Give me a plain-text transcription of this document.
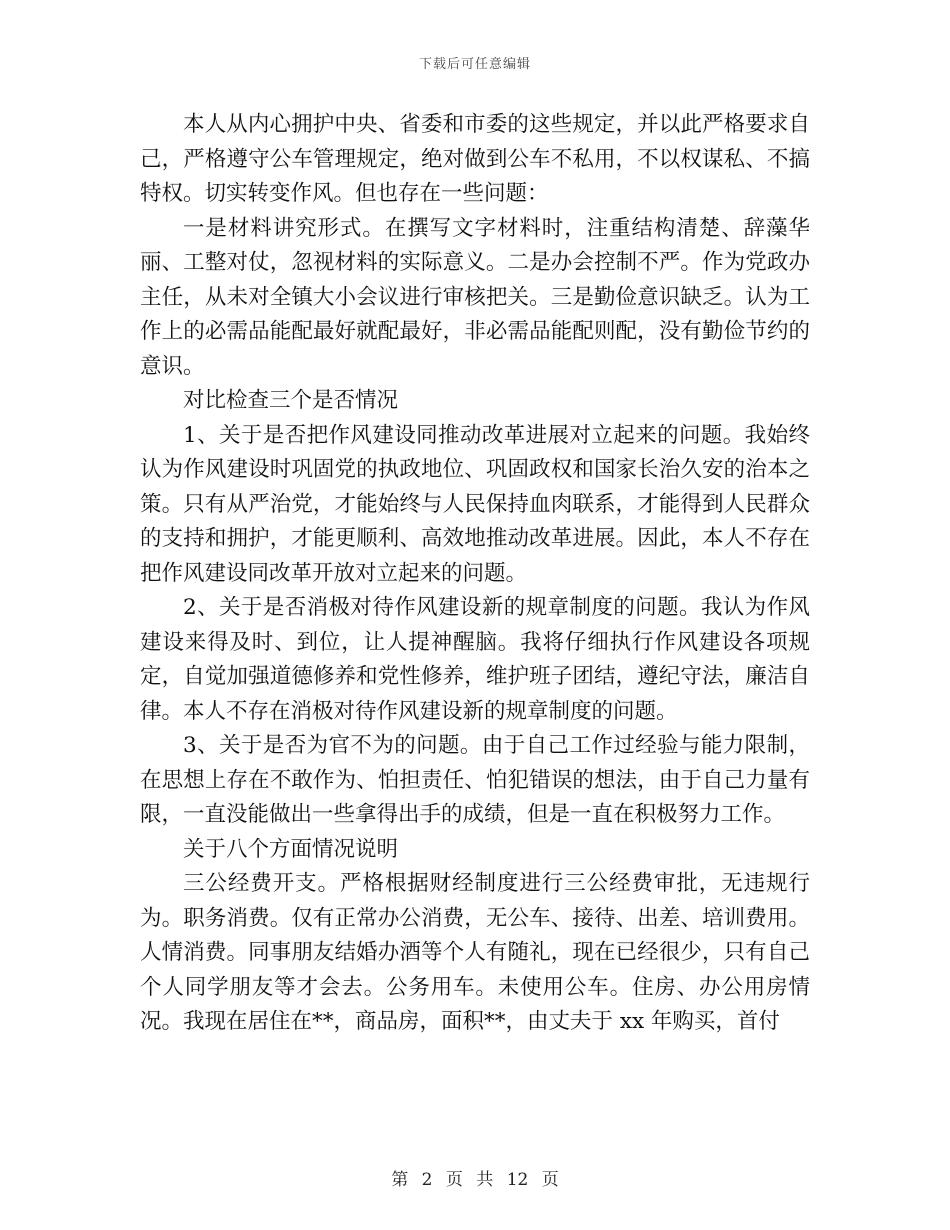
下载后可任意编辑

本人从内心拥护中央、省委和市委的这些规定，并以此严格要求自己，严格遵守公车管理规定，绝对做到公车不私用，不以权谋私、不搞特权。切实转变作风。但也存在一些问题：

一是材料讲究形式。在撰写文字材料时，注重结构清楚、辞藻华丽、工整对仗，忽视材料的实际意义。二是办会控制不严。作为党政办主任，从未对全镇大小会议进行审核把关。三是勤俭意识缺乏。认为工作上的必需品能配最好就配最好，非必需品能配则配，没有勤俭节约的意识。

对比检查三个是否情况

1、关于是否把作风建设同推动改革进展对立起来的问题。我始终认为作风建设时巩固党的执政地位、巩固政权和国家长治久安的治本之策。只有从严治党，才能始终与人民保持血肉联系，才能得到人民群众的支持和拥护，才能更顺利、高效地推动改革进展。因此，本人不存在把作风建设同改革开放对立起来的问题。

2、关于是否消极对待作风建设新的规章制度的问题。我认为作风建设来得及时、到位，让人提神醒脑。我将仔细执行作风建设各项规定，自觉加强道德修养和党性修养，维护班子团结，遵纪守法，廉洁自律。本人不存在消极对待作风建设新的规章制度的问题。

3、关于是否为官不为的问题。由于自己工作过经验与能力限制，在思想上存在不敢作为、怕担责任、怕犯错误的想法，由于自己力量有限，一直没能做出一些拿得出手的成绩，但是一直在积极努力工作。

关于八个方面情况说明

三公经费开支。严格根据财经制度进行三公经费审批，无违规行为。职务消费。仅有正常办公消费，无公车、接待、出差、培训费用。人情消费。同事朋友结婚办酒等个人有随礼，现在已经很少，只有自己个人同学朋友等才会去。公务用车。未使用公车。住房、办公用房情况。我现在居住在**，商品房，面积**，由丈夫于 xx 年购买，首付

第 2 页 共 12 页
